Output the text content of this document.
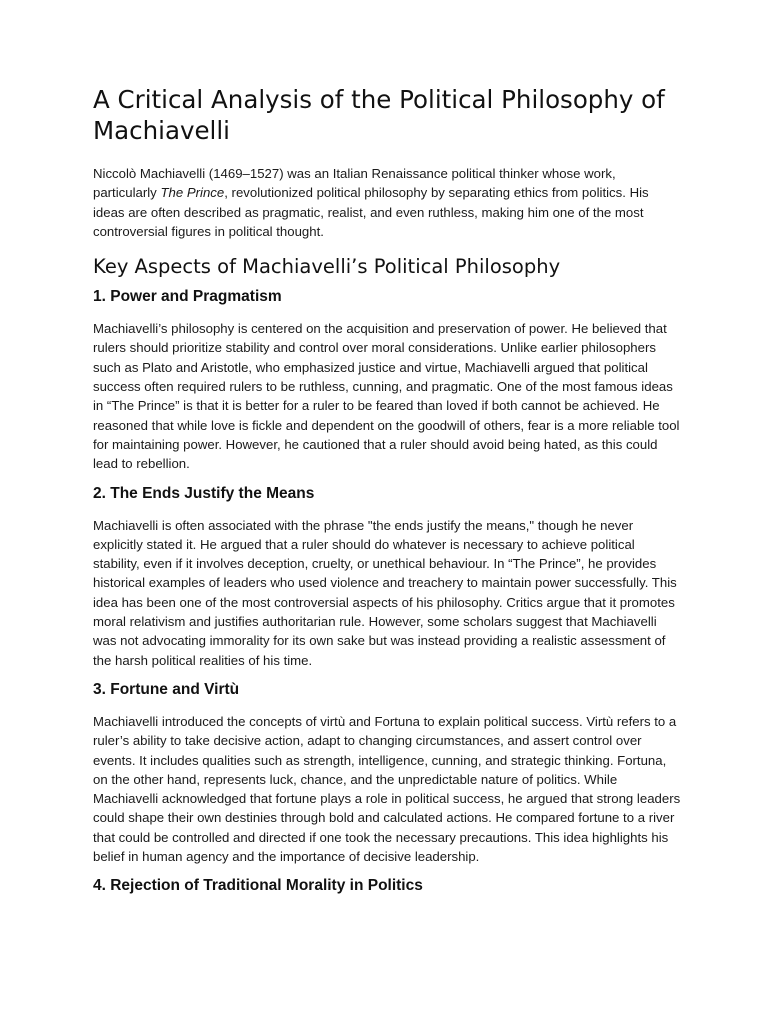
A Critical Analysis of the Political Philosophy of Machiavelli

Niccolò Machiavelli (1469–1527) was an Italian Renaissance political thinker whose work, particularly The Prince, revolutionized political philosophy by separating ethics from politics. His ideas are often described as pragmatic, realist, and even ruthless, making him one of the most controversial figures in political thought.

Key Aspects of Machiavelli’s Political Philosophy
1. Power and Pragmatism

Machiavelli’s philosophy is centered on the acquisition and preservation of power. He believed that rulers should prioritize stability and control over moral considerations. Unlike earlier philosophers such as Plato and Aristotle, who emphasized justice and virtue, Machiavelli argued that political success often required rulers to be ruthless, cunning, and pragmatic. One of the most famous ideas in “The Prince” is that it is better for a ruler to be feared than loved if both cannot be achieved. He reasoned that while love is fickle and dependent on the goodwill of others, fear is a more reliable tool for maintaining power. However, he cautioned that a ruler should avoid being hated, as this could lead to rebellion.

2. The Ends Justify the Means

Machiavelli is often associated with the phrase "the ends justify the means," though he never explicitly stated it. He argued that a ruler should do whatever is necessary to achieve political stability, even if it involves deception, cruelty, or unethical behaviour. In “The Prince”, he provides historical examples of leaders who used violence and treachery to maintain power successfully. This idea has been one of the most controversial aspects of his philosophy. Critics argue that it promotes moral relativism and justifies authoritarian rule. However, some scholars suggest that Machiavelli was not advocating immorality for its own sake but was instead providing a realistic assessment of the harsh political realities of his time.

3. Fortune and Virtù

Machiavelli introduced the concepts of virtù and Fortuna to explain political success. Virtù refers to a ruler’s ability to take decisive action, adapt to changing circumstances, and assert control over events. It includes qualities such as strength, intelligence, cunning, and strategic thinking. Fortuna, on the other hand, represents luck, chance, and the unpredictable nature of politics. While Machiavelli acknowledged that fortune plays a role in political success, he argued that strong leaders could shape their own destinies through bold and calculated actions. He compared fortune to a river that could be controlled and directed if one took the necessary precautions. This idea highlights his belief in human agency and the importance of decisive leadership.

4. Rejection of Traditional Morality in Politics
